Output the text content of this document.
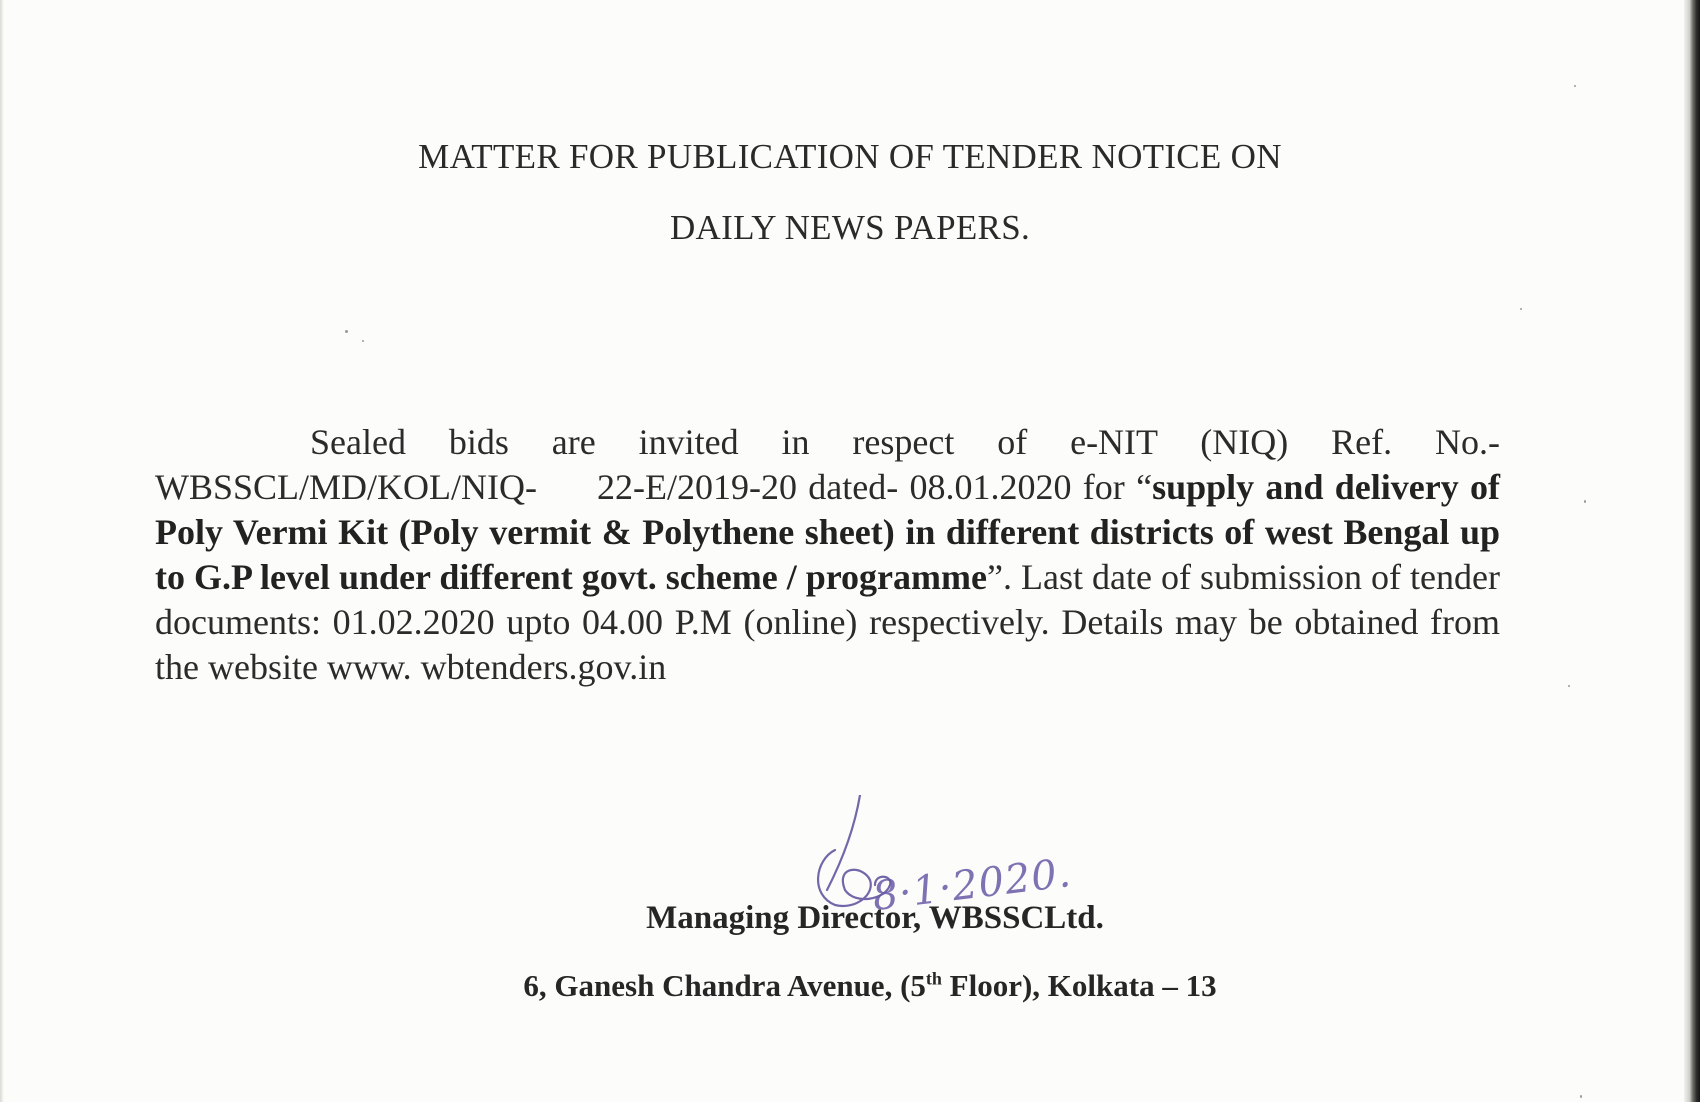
MATTER FOR PUBLICATION OF TENDER NOTICE ON
DAILY NEWS PAPERS.
Sealed bids are invited in respect of e-NIT (NIQ) Ref. No.- WBSSCL/MD/KOL/NIQ- 22-E/2019-20 dated- 08.01.2020 for “supply and delivery of Poly Vermi Kit (Poly vermit & Polythene sheet) in different districts of west Bengal up to G.P level under different govt. scheme / programme”. Last date of submission of tender documents: 01.02.2020 upto 04.00 P.M (online) respectively. Details may be obtained from the website www. wbtenders.gov.in
8·1·2020.
Managing Director, WBSSCLtd.
6, Ganesh Chandra Avenue, (5th Floor), Kolkata – 13
